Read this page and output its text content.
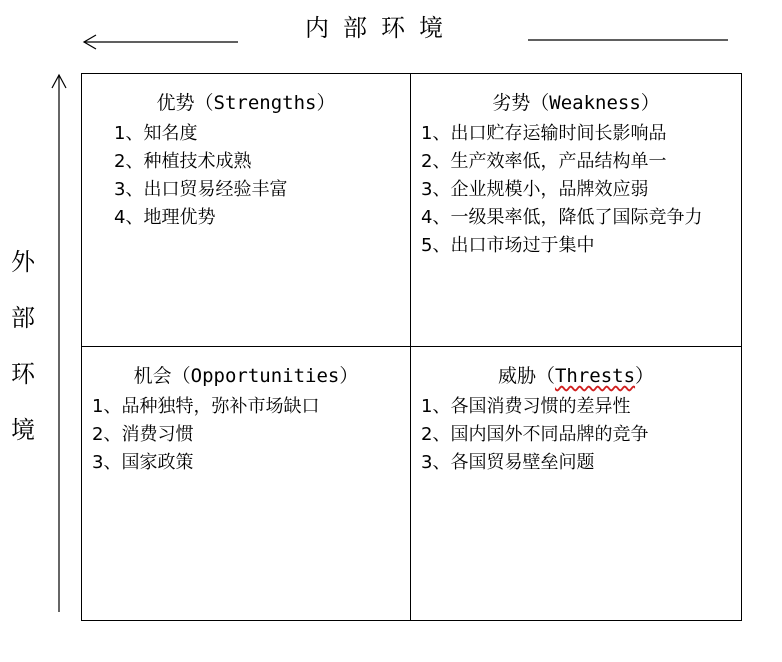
内部环境
外
部
环
境
优势（Strengths）
1、知名度
2、种植技术成熟
3、出口贸易经验丰富
4、地理优势
劣势（Weakness）
1、出口贮存运输时间长影响品
2、生产效率低，产品结构单一
3、企业规模小，品牌效应弱
4、一级果率低，降低了国际竞争力
5、出口市场过于集中
机会（Opportunities）
1、品种独特，弥补市场缺口
2、消费习惯
3、国家政策
威胁（Thrests）
1、各国消费习惯的差异性
2、国内国外不同品牌的竞争
3、各国贸易壁垒问题
